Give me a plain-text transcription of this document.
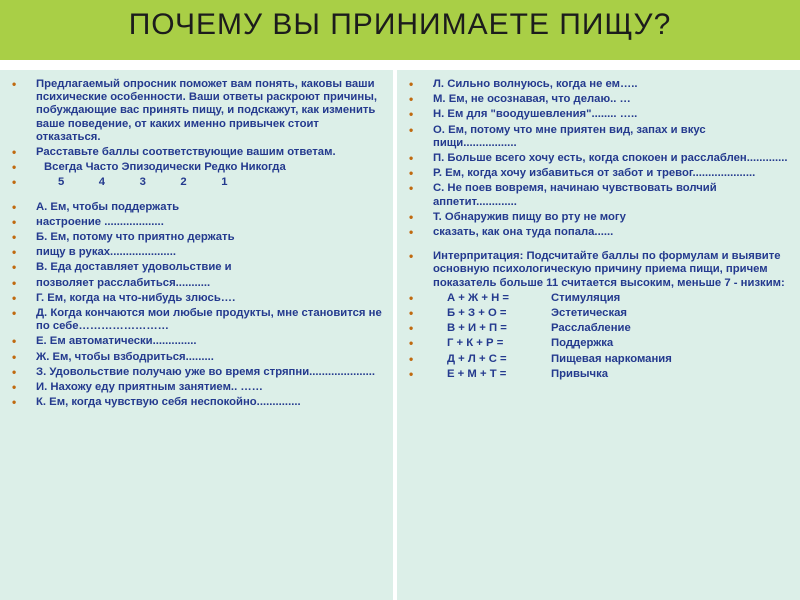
ПОЧЕМУ ВЫ ПРИНИМАЕТЕ ПИЩУ?
• Предлагаемый опросник поможет вам понять, каковы ваши психические особенности. Ваши ответы раскроют причины, побуждающие вас принять пищу, и подскажут, как изменить ваше поведение, от каких именно привычек стоит отказаться.
• Расставьте баллы соответствующие вашим ответам.
• Всегда Часто Эпизодически Редко Никогда
• 5           4           3           2           1
• А. Ем, чтобы поддержать
• настроение ...................
• Б. Ем, потому что приятно держать
• пищу в руках.....................
• В. Еда доставляет удовольствие и
• позволяет расслабиться...........
• Г. Ем, когда на что-нибудь злюсь….
• Д. Когда кончаются мои любые продукты, мне становится не по себе……………………
• Е. Ем автоматически..............
• Ж. Ем, чтобы взбодриться.........
• З. Удовольствие получаю уже во время стряпни.....................
• И. Нахожу еду приятным занятием.. ……
• К. Ем, когда чувствую себя неспокойно..............
• Л. Сильно волнуюсь, когда не ем…..
• М. Ем, не осознавая, что делаю.. …
• Н. Ем для "воодушевления"........ …..
• О. Ем, потому что мне приятен вид, запах и вкус пищи.................
• П. Больше всего хочу есть, когда спокоен и расслаблен.............
• Р. Ем, когда хочу избавиться от забот и тревог....................
• С. Не поев вовремя, начинаю чувствовать волчий аппетит.............
• Т. Обнаружив пищу во рту не могу
• сказать, как она туда попала......
• Интерпритация: Подсчитайте баллы по формулам и выявите основную психологическую причину приема пищи, причем показатель больше 11 считается высоким, меньше 7 - низким:
• А + Ж + Н =	Стимуляция
• Б + З + О =	Эстетическая
• В + И + П =	Расслабление
• Г + К + Р =	Поддержка
• Д + Л + С =	Пищевая наркомания
• Е + М + Т =	Привычка
